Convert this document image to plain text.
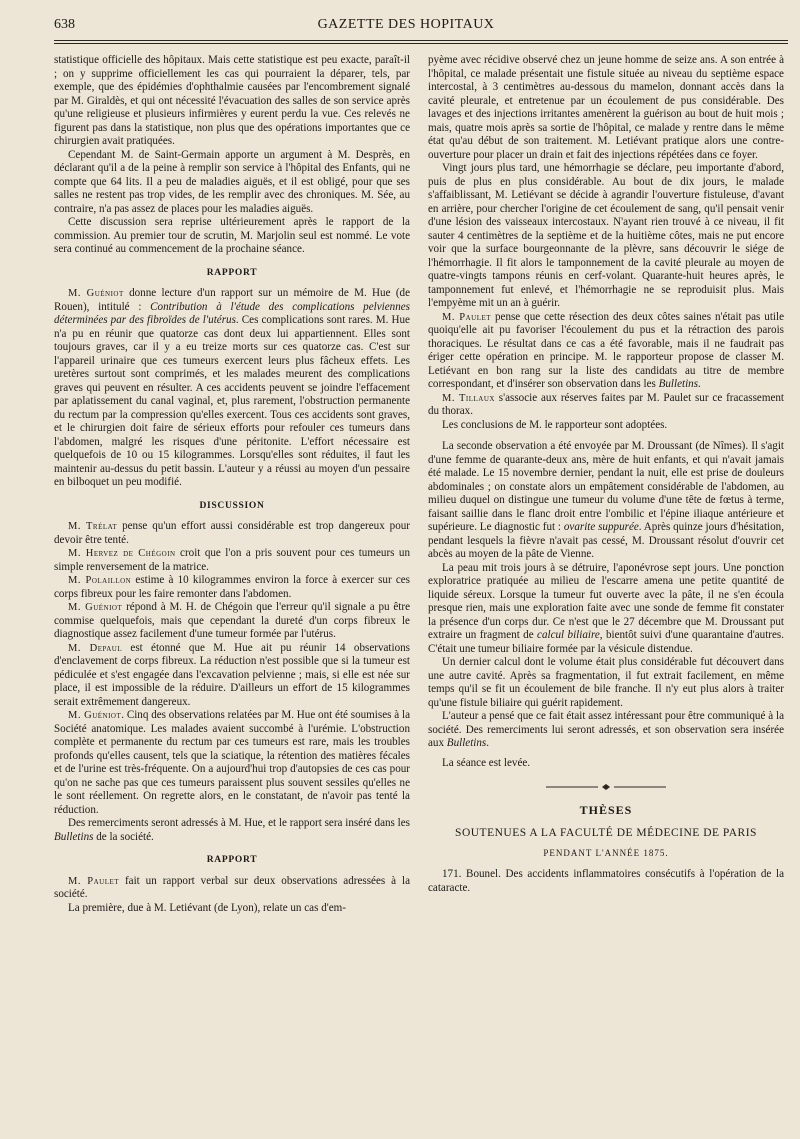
638	GAZETTE DES HOPITAUX

statistique officielle des hôpitaux. Mais cette statistique est peu exacte, paraît-il ; on y supprime officiellement les cas qui pourraient la déparer, tels, par exemple, que des épidémies d'ophthalmie causées par l'encombrement signalé par M. Giraldès, et qui ont nécessité l'évacuation des salles de son service après qu'une religieuse et plusieurs infirmières y eurent perdu la vue. Ces relevés ne figurent pas dans la statistique, non plus que des opérations importantes que ce chirurgien avait pratiquées.

Cependant M. de Saint-Germain apporte un argument à M. Desprès, en déclarant qu'il a de la peine à remplir son service à l'hôpital des Enfants, qui ne compte que 64 lits. Il a peu de maladies aiguës, et il est obligé, pour que ses salles ne restent pas trop vides, de les remplir avec des chroniques. M. Sée, au contraire, n'a pas assez de places pour les maladies aiguës.

Cette discussion sera reprise ultérieurement après le rapport de la commission. Au premier tour de scrutin, M. Marjolin seul est nommé. Le vote sera continué au commencement de la prochaine séance.

RAPPORT

M. Guéniot donne lecture d'un rapport sur un mémoire de M. Hue (de Rouen), intitulé : Contribution à l'étude des complications pelviennes déterminées par des fibroïdes de l'utérus. Ces complications sont rares. M. Hue n'a pu en réunir que quatorze cas dont deux lui appartiennent. Elles sont toujours graves, car il y a eu treize morts sur ces quatorze cas. C'est sur l'appareil urinaire que ces tumeurs exercent leurs plus fâcheux effets. Les uretères surtout sont comprimés, et les malades meurent des complications graves qui peuvent en résulter. A ces accidents peuvent se joindre l'effacement par aplatissement du canal vaginal, et, plus rarement, l'obstruction permanente du rectum par la compression qu'elles exercent. Tous ces accidents sont graves, et le chirurgien doit faire de sérieux efforts pour refouler ces tumeurs dans l'abdomen, malgré les risques d'une péritonite. L'effort nécessaire est quelquefois de 10 ou 15 kilogrammes. Lorsqu'elles sont réduites, il faut les maintenir au-dessus du petit bassin. L'auteur y a réussi au moyen d'un pessaire en bilboquet un peu modifié.

DISCUSSION

M. Trélat pense qu'un effort aussi considérable est trop dangereux pour devoir être tenté.

M. Hervez de Chégoin croit que l'on a pris souvent pour ces tumeurs un simple renversement de la matrice.

M. Polaillon estime à 10 kilogrammes environ la force à exercer sur ces corps fibreux pour les faire remonter dans l'abdomen.

M. Guéniot répond à M. H. de Chégoin que l'erreur qu'il signale a pu être commise quelquefois, mais que cependant la dureté d'un corps fibreux le diagnostique assez facilement d'une tumeur formée par l'utérus.

M. Depaul est étonné que M. Hue ait pu réunir 14 observations d'enclavement de corps fibreux. La réduction n'est possible que si la tumeur est pédiculée et s'est engagée dans l'excavation pelvienne ; mais, si elle est née sur place, il est impossible de la réduire. D'ailleurs un effort de 15 kilogrammes serait extrêmement dangereux.

M. Guéniot. Cinq des observations relatées par M. Hue ont été soumises à la Société anatomique. Les malades avaient succombé à l'urémie. L'obstruction complète et permanente du rectum par ces tumeurs est rare, mais les troubles profonds qu'elles causent, tels que la sciatique, la rétention des matières fécales et de l'urine est très-fréquente. On a aujourd'hui trop d'autopsies de ces cas pour qu'on ne sache pas que ces tumeurs paraissent plus souvent sessiles qu'elles ne le sont réellement. On regrette alors, en le constatant, de n'avoir pas tenté la réduction.

Des remerciments seront adressés à M. Hue, et le rapport sera inséré dans les Bulletins de la société.

RAPPORT

M. Paulet fait un rapport verbal sur deux observations adressées à la société.

La première, due à M. Letiévant (de Lyon), relate un cas d'em-

pyème avec récidive observé chez un jeune homme de seize ans. A son entrée à l'hôpital, ce malade présentait une fistule située au niveau du septième espace intercostal, à 3 centimètres au-dessous du mamelon, donnant accès dans la cavité pleurale, et entretenue par un écoulement de pus considérable. Des lavages et des injections irritantes amenèrent la guérison au bout de huit mois ; mais, quatre mois après sa sortie de l'hôpital, ce malade y rentre dans le même état qu'au début de son traitement. M. Letiévant pratique alors une contre-ouverture pour placer un drain et fait des injections répétées dans ce foyer.

Vingt jours plus tard, une hémorrhagie se déclare, peu importante d'abord, puis de plus en plus considérable. Au bout de dix jours, le malade s'affaiblissant, M. Letiévant se décide à agrandir l'ouverture fistuleuse, d'avant en arrière, pour chercher l'origine de cet écoulement de sang, qu'il pensait venir d'une lésion des vaisseaux intercostaux. N'ayant rien trouvé à ce niveau, il fit sauter 4 centimètres de la septième et de la huitième côtes, mais ne put encore voir que la surface bourgeonnante de la plèvre, sans découvrir le siége de l'hémorrhagie. Il fit alors le tamponnement de la cavité pleurale au moyen de quatre-vingts tampons réunis en cerf-volant. Quarante-huit heures après, le tamponnement fut enlevé, et l'hémorrhagie ne se reproduisit plus. Mais l'empyème mit un an à guérir.

M. Paulet pense que cette résection des deux côtes saines n'était pas utile quoiqu'elle ait pu favoriser l'écoulement du pus et la rétraction des parois thoraciques. Le résultat dans ce cas a été favorable, mais il ne faudrait pas ériger cette opération en principe. M. le rapporteur propose de classer M. Letiévant en bon rang sur la liste des candidats au titre de membre correspondant, et d'insérer son observation dans les Bulletins.

M. Tillaux s'associe aux réserves faites par M. Paulet sur ce fracassement du thorax.

Les conclusions de M. le rapporteur sont adoptées.

La seconde observation a été envoyée par M. Droussant (de Nîmes). Il s'agit d'une femme de quarante-deux ans, mère de huit enfants, et qui n'avait jamais été malade. Le 15 novembre dernier, pendant la nuit, elle est prise de douleurs abdominales ; on constate alors un empâtement considérable de l'abdomen, au milieu duquel on distingue une tumeur du volume d'une tête de fœtus à terme, faisant saillie dans le flanc droit entre l'ombilic et l'épine iliaque antérieure et supérieure. Le diagnostic fut : ovarite suppurée. Après quinze jours d'hésitation, pendant lesquels la fièvre n'avait pas cessé, M. Droussant résolut d'ouvrir cet abcès au moyen de la pâte de Vienne.

La peau mit trois jours à se détruire, l'aponévrose sept jours. Une ponction exploratrice pratiquée au milieu de l'escarre amena une petite quantité de liquide séreux. Lorsque la tumeur fut ouverte avec la pâte, il ne s'en écoula presque rien, mais une exploration faite avec une sonde de femme fit constater la présence d'un corps dur. Ce n'est que le 27 décembre que M. Droussant put extraire un fragment de calcul biliaire, bientôt suivi d'une quarantaine d'autres. C'était une tumeur biliaire formée par la vésicule distendue.

Un dernier calcul dont le volume était plus considérable fut découvert dans une autre cavité. Après sa fragmentation, il fut extrait facilement, en même temps qu'il se fit un écoulement de bile franche. Il n'y eut plus alors à traiter qu'une fistule biliaire qui guérit rapidement.

L'auteur a pensé que ce fait était assez intéressant pour être communiqué à la société. Des remerciments lui seront adressés, et son observation sera insérée aux Bulletins.

La séance est levée.

THÈSES
SOUTENUES A LA FACULTÉ DE MÉDECINE DE PARIS
PENDANT L'ANNÉE 1875.

171. Bounel. Des accidents inflammatoires consécutifs à l'opération de la cataracte.
